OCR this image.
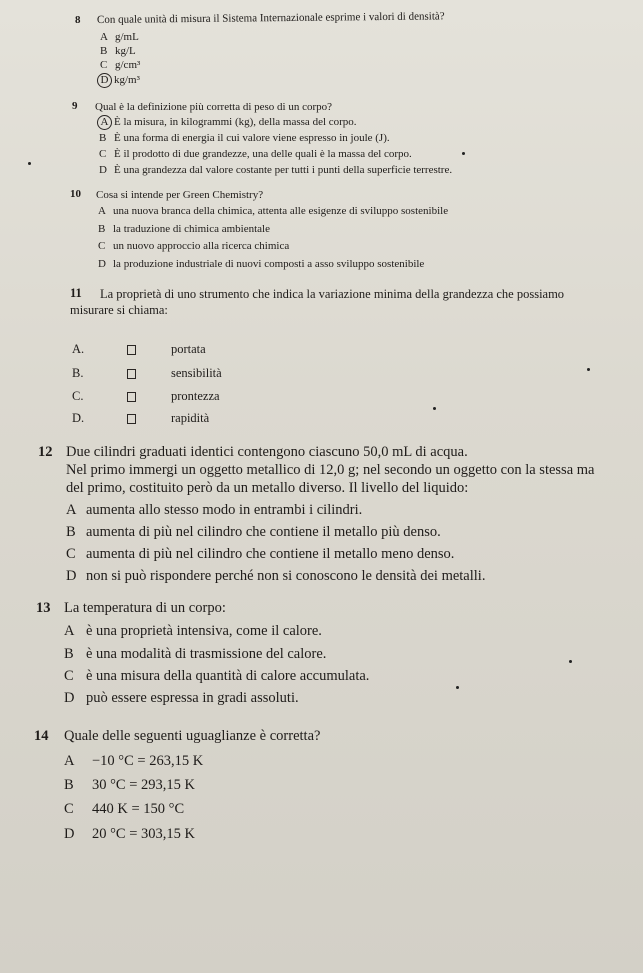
8 Con quale unità di misura il Sistema Internazionale esprime i valori di densità?
A g/mL
B kg/L
C g/cm³
D kg/m³
9 Qual è la definizione più corretta di peso di un corpo?
A È la misura, in kilogrammi (kg), della massa del corpo.
B È una forma di energia il cui valore viene espresso in joule (J).
C È il prodotto di due grandezze, una delle quali è la massa del corpo.
D È una grandezza dal valore costante per tutti i punti della superficie terrestre.
10 Cosa si intende per Green Chemistry?
A una nuova branca della chimica, attenta alle esigenze di sviluppo sostenibile
B la traduzione di chimica ambientale
C un nuovo approccio alla ricerca chimica
D la produzione industriale di nuovi composti a asso sviluppo sostenibile
11 La proprietà di uno strumento che indica la variazione minima della grandezza che possiamo
misurare si chiama:
A.	portata
B.	sensibilità
C.	prontezza
D.	rapidità
12 Due cilindri graduati identici contengono ciascuno 50,0 mL di acqua.
Nel primo immergi un oggetto metallico di 12,0 g; nel secondo un oggetto con la stessa ma
del primo, costituito però da un metallo diverso. Il livello del liquido:
A aumenta allo stesso modo in entrambi i cilindri.
B aumenta di più nel cilindro che contiene il metallo più denso.
C aumenta di più nel cilindro che contiene il metallo meno denso.
D non si può rispondere perché non si conoscono le densità dei metalli.
13 La temperatura di un corpo:
A è una proprietà intensiva, come il calore.
B è una modalità di trasmissione del calore.
C è una misura della quantità di calore accumulata.
D può essere espressa in gradi assoluti.
14 Quale delle seguenti uguaglianze è corretta?
A −10 °C = 263,15 K
B 30 °C = 293,15 K
C 440 K = 150 °C
D 20 °C = 303,15 K
